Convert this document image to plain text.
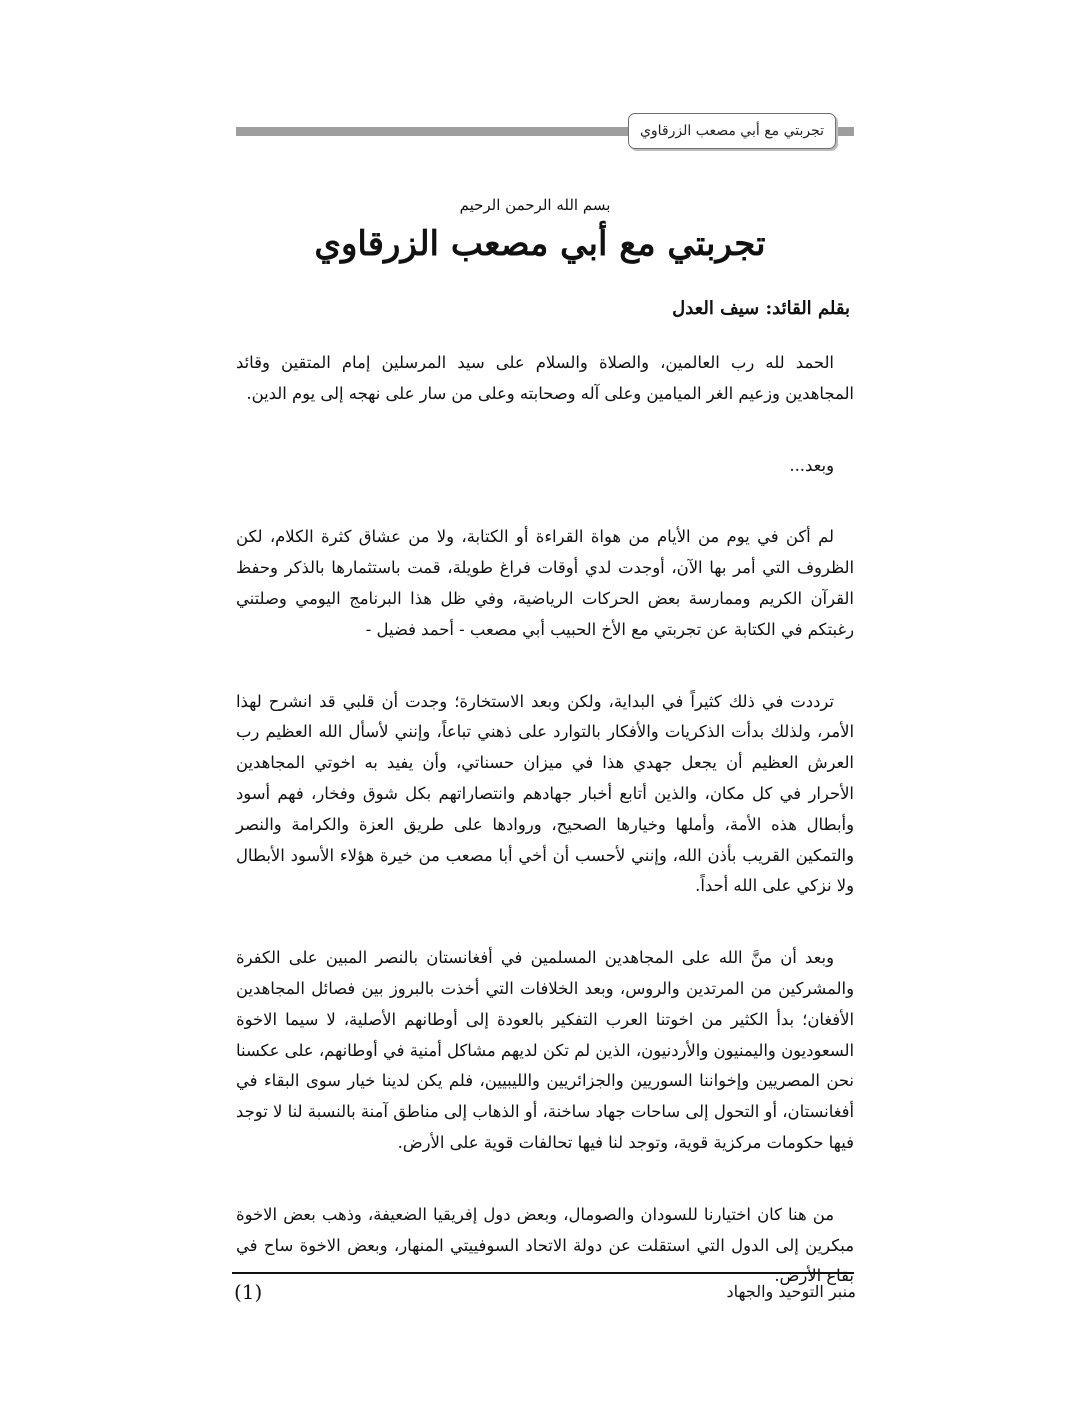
تجربتي مع أبي مصعب الزرقاوي
بسم الله الرحمن الرحيم
تجربتي مع أبي مصعب الزرقاوي
بقلم القائد: سيف العدل

الحمد لله رب العالمين، والصلاة والسلام على سيد المرسلين إمام المتقين وقائد المجاهدين وزعيم الغر الميامين وعلى آله وصحابته وعلى من سار على نهجه إلى يوم الدين.

وبعد...

لم أكن في يوم من الأيام من هواة القراءة أو الكتابة، ولا من عشاق كثرة الكلام، لكن الظروف التي أمر بها الآن، أوجدت لدي أوقات فراغ طويلة، قمت باستثمارها بالذكر وحفظ القرآن الكريم وممارسة بعض الحركات الرياضية، وفي ظل هذا البرنامج اليومي وصلتني رغبتكم في الكتابة عن تجربتي مع الأخ الحبيب أبي مصعب - أحمد فضيل -

ترددت في ذلك كثيراً في البداية، ولكن وبعد الاستخارة؛ وجدت أن قلبي قد انشرح لهذا الأمر، ولذلك بدأت الذكريات والأفكار بالتوارد على ذهني تباعاً، وإنني لأسأل الله العظيم رب العرش العظيم أن يجعل جهدي هذا في ميزان حسناتي، وأن يفيد به اخوتي المجاهدين الأحرار في كل مكان، والذين أتابع أخبار جهادهم وانتصاراتهم بكل شوق وفخار، فهم أسود وأبطال هذه الأمة، وأملها وخيارها الصحيح، وروادها على طريق العزة والكرامة والنصر والتمكين القريب بأذن الله، وإنني لأحسب أن أخي أبا مصعب من خيرة هؤلاء الأسود الأبطال ولا نزكي على الله أحداً.

وبعد أن منَّ الله على المجاهدين المسلمين في أفغانستان بالنصر المبين على الكفرة والمشركين من المرتدين والروس، وبعد الخلافات التي أخذت بالبروز بين فصائل المجاهدين الأفغان؛ بدأ الكثير من اخوتنا العرب التفكير بالعودة إلى أوطانهم الأصلية، لا سيما الاخوة السعوديون واليمنيون والأردنيون، الذين لم تكن لديهم مشاكل أمنية في أوطانهم، على عكسنا نحن المصريين وإخواننا السوريين والجزائريين والليبيين، فلم يكن لدينا خيار سوى البقاء في أفغانستان، أو التحول إلى ساحات جهاد ساخنة، أو الذهاب إلى مناطق آمنة بالنسبة لنا لا توجد فيها حكومات مركزية قوية، وتوجد لنا فيها تحالفات قوية على الأرض.

من هنا كان اختيارنا للسودان والصومال، وبعض دول إفريقيا الضعيفة، وذهب بعض الاخوة مبكرين إلى الدول التي استقلت عن دولة الاتحاد السوفييتي المنهار، وبعض الاخوة ساح في بقاع الأرض.

(1)	منبر التوحيد والجهاد
